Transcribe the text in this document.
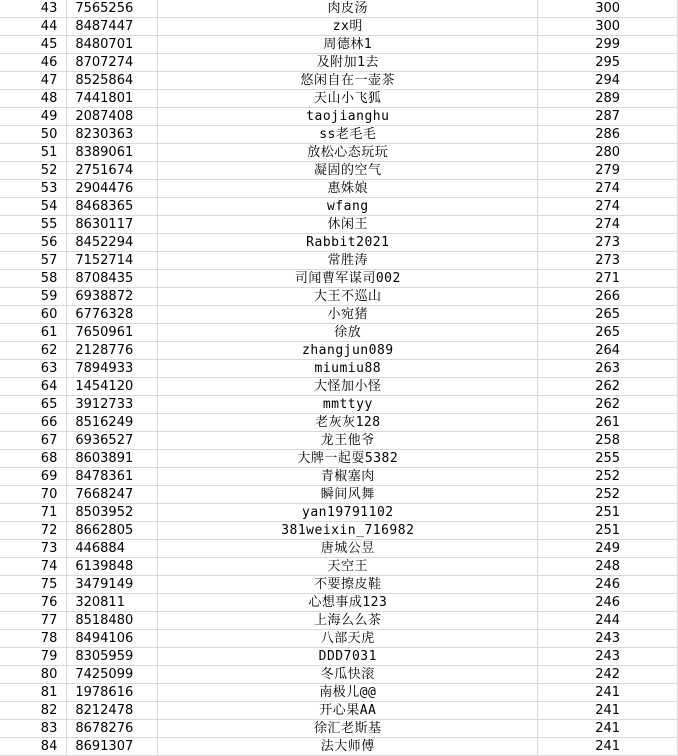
43	7565256	肉皮汤	300
44	8487447	zx明	300
45	8480701	周德林1	299
46	8707274	及附加1去	295
47	8525864	悠闲自在一壶茶	294
48	7441801	天山小飞狐	289
49	2087408	taojianghu	287
50	8230363	ss老毛毛	286
51	8389061	放松心态玩玩	280
52	2751674	凝固的空气	279
53	2904476	惠姝娘	274
54	8468365	wfang	274
55	8630117	休闲王	274
56	8452294	Rabbit2021	273
57	7152714	常胜涛	273
58	8708435	司闻曹军谋司002	271
59	6938872	大王不巡山	266
60	6776328	小宛猪	265
61	7650961	徐放	265
62	2128776	zhangjun089	264
63	7894933	miumiu88	263
64	1454120	大怪加小怪	262
65	3912733	mmttyy	262
66	8516249	老灰灰128	261
67	6936527	龙王他爷	258
68	8603891	大牌一起耍5382	255
69	8478361	青椒塞肉	252
70	7668247	瞬间风舞	252
71	8503952	yan19791102	251
72	8662805	381weixin_716982	251
73	446884	唐城公昱	249
74	6139848	天空王	248
75	3479149	不要擦皮鞋	246
76	320811	心想事成123	246
77	8518480	上海么么茶	244
78	8494106	八部天虎	243
79	8305959	DDD7031	243
80	7425099	冬瓜快滚	242
81	1978616	南极儿@@	241
82	8212478	开心果AA	241
83	8678276	徐汇老斯基	241
84	8691307	法大师傅	241
